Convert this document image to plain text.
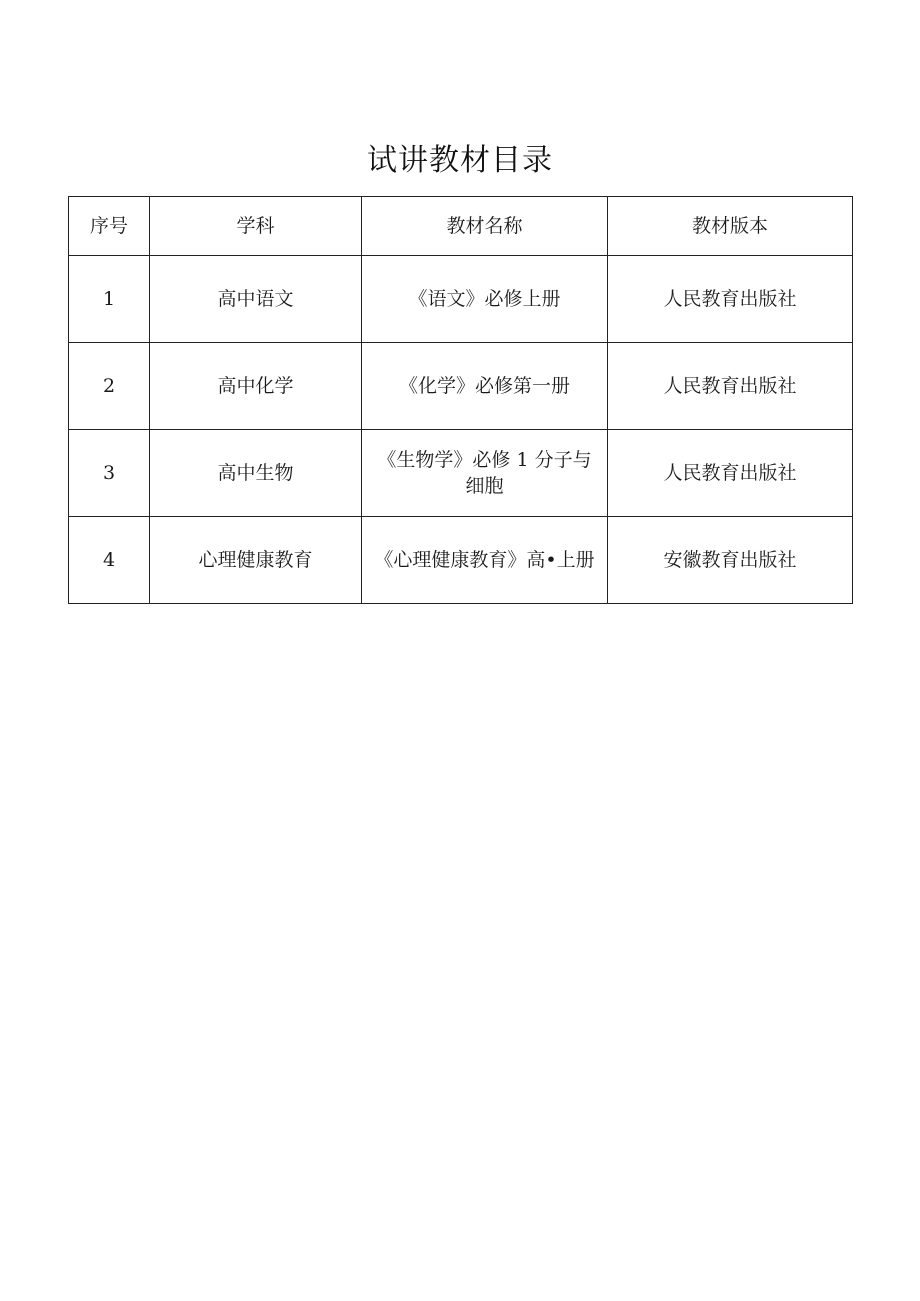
试讲教材目录
序号	学科	教材名称	教材版本
1	高中语文	《语文》必修上册	人民教育出版社
2	高中化学	《化学》必修第一册	人民教育出版社
3	高中生物	《生物学》必修 1 分子与细胞	人民教育出版社
4	心理健康教育	《心理健康教育》高•上册	安徽教育出版社
